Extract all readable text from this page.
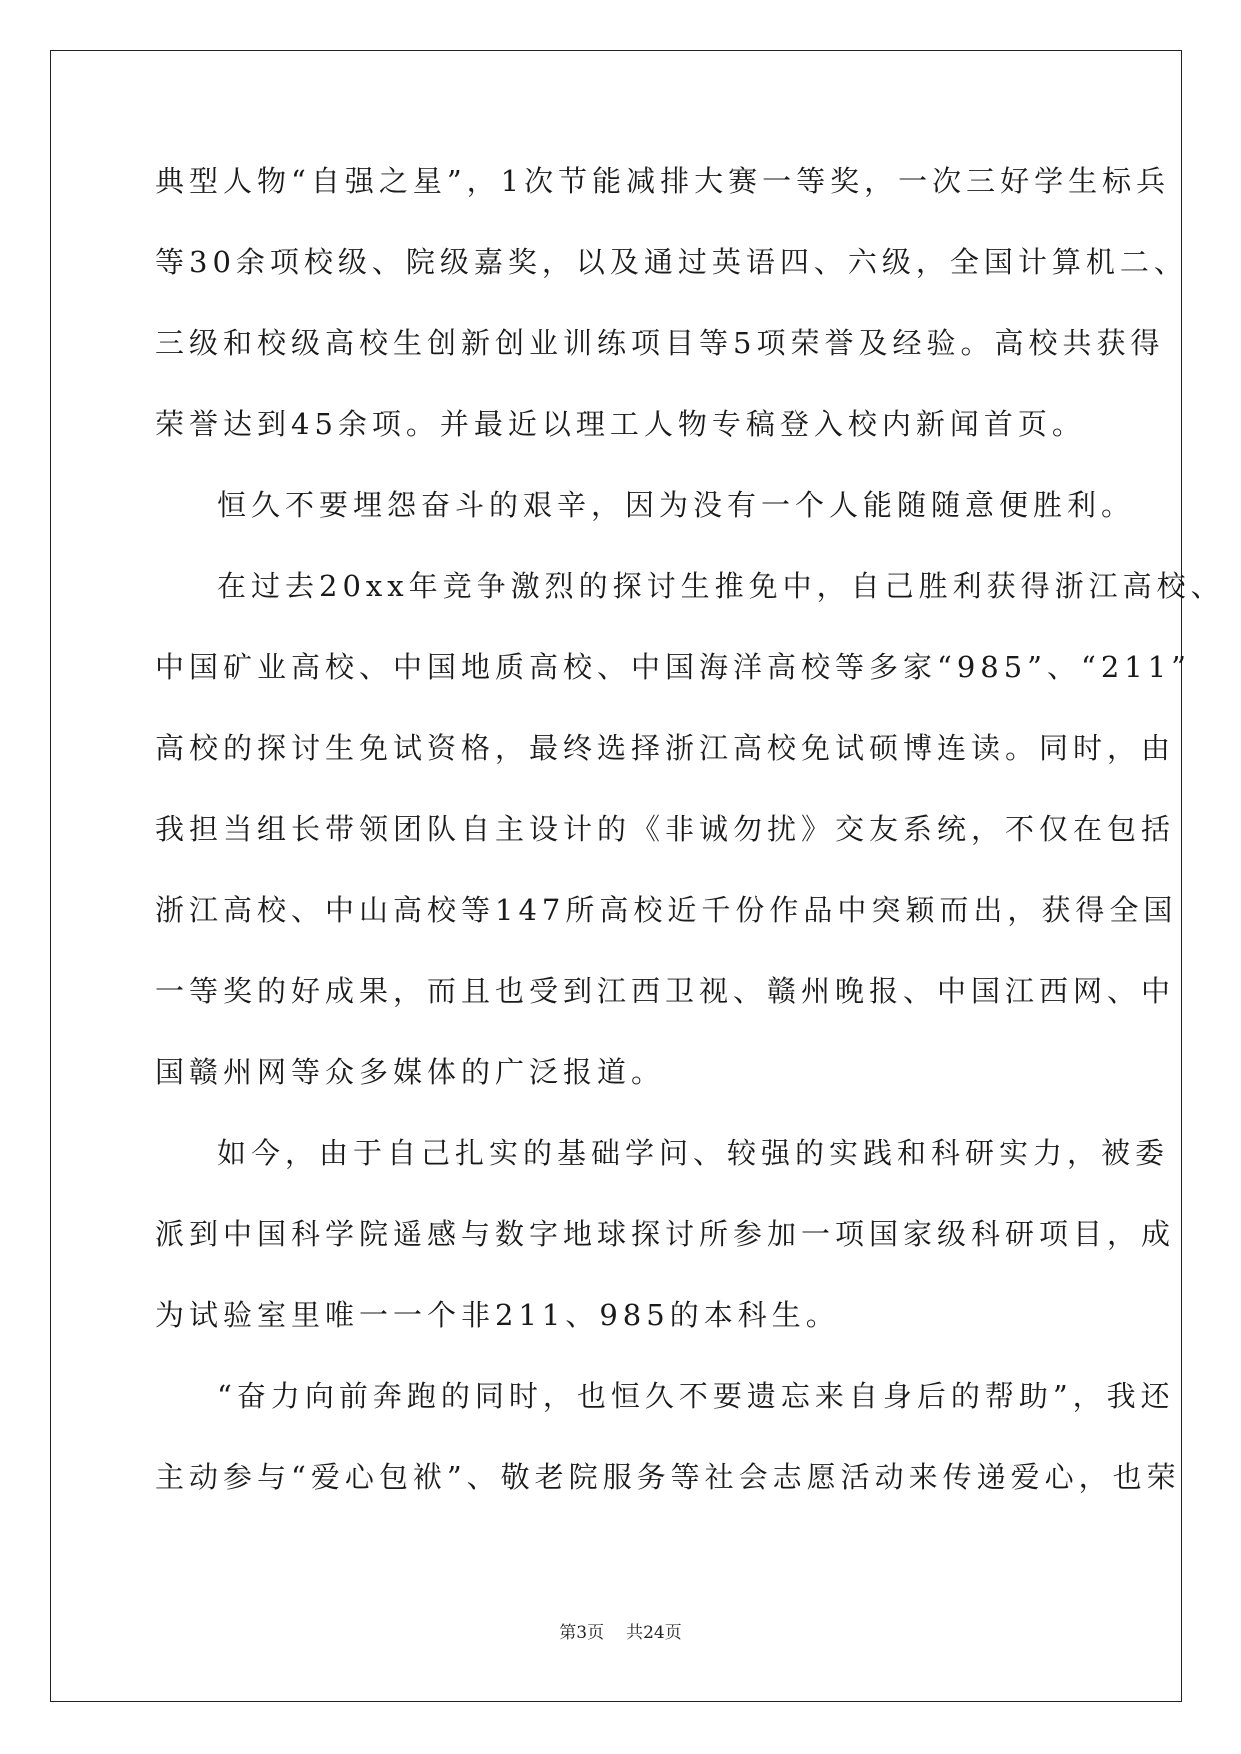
典型人物“自强之星”，1次节能减排大赛一等奖，一次三好学生标兵
等30余项校级、院级嘉奖，以及通过英语四、六级，全国计算机二、
三级和校级高校生创新创业训练项目等5项荣誉及经验。高校共获得
荣誉达到45余项。并最近以理工人物专稿登入校内新闻首页。
恒久不要埋怨奋斗的艰辛，因为没有一个人能随随意便胜利。
在过去20xx年竞争激烈的探讨生推免中，自己胜利获得浙江高校、
中国矿业高校、中国地质高校、中国海洋高校等多家“985”、“211”
高校的探讨生免试资格，最终选择浙江高校免试硕博连读。同时，由
我担当组长带领团队自主设计的《非诚勿扰》交友系统，不仅在包括
浙江高校、中山高校等147所高校近千份作品中突颖而出，获得全国
一等奖的好成果，而且也受到江西卫视、赣州晚报、中国江西网、中
国赣州网等众多媒体的广泛报道。
如今，由于自己扎实的基础学问、较强的实践和科研实力，被委
派到中国科学院遥感与数字地球探讨所参加一项国家级科研项目，成
为试验室里唯一一个非211、985的本科生。
“奋力向前奔跑的同时，也恒久不要遗忘来自身后的帮助”，我还
主动参与“爱心包袱”、敬老院服务等社会志愿活动来传递爱心，也荣
第3页 共24页
